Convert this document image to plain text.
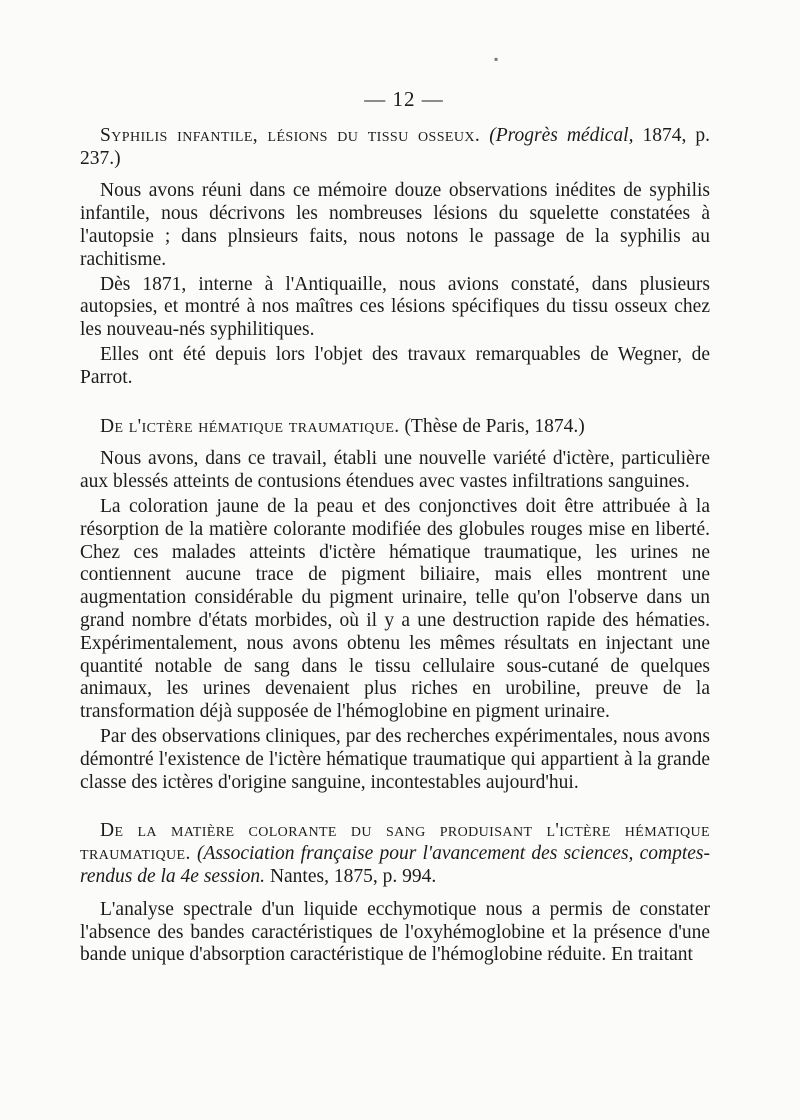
▪
— 12 —

Syphilis infantile, lésions du tissu osseux. (Progrès médical, 1874, p. 237.)

Nous avons réuni dans ce mémoire douze observations inédites de syphilis infantile, nous décrivons les nombreuses lésions du squelette constatées à l'autopsie ; dans plnsieurs faits, nous notons le passage de la syphilis au rachitisme.

Dès 1871, interne à l'Antiquaille, nous avions constaté, dans plusieurs autopsies, et montré à nos maîtres ces lésions spécifiques du tissu osseux chez les nouveau-nés syphilitiques.

Elles ont été depuis lors l'objet des travaux remarquables de Wegner, de Parrot.

De l'ictère hématique traumatique. (Thèse de Paris, 1874.)

Nous avons, dans ce travail, établi une nouvelle variété d'ictère, particulière aux blessés atteints de contusions étendues avec vastes infiltrations sanguines.

La coloration jaune de la peau et des conjonctives doit être attribuée à la résorption de la matière colorante modifiée des globules rouges mise en liberté. Chez ces malades atteints d'ictère hématique traumatique, les urines ne contiennent aucune trace de pigment biliaire, mais elles montrent une augmentation considérable du pigment urinaire, telle qu'on l'observe dans un grand nombre d'états morbides, où il y a une destruction rapide des hématies. Expérimentalement, nous avons obtenu les mêmes résultats en injectant une quantité notable de sang dans le tissu cellulaire sous-cutané de quelques animaux, les urines devenaient plus riches en urobiline, preuve de la transformation déjà supposée de l'hémoglobine en pigment urinaire.

Par des observations cliniques, par des recherches expérimentales, nous avons démontré l'existence de l'ictère hématique traumatique qui appartient à la grande classe des ictères d'origine sanguine, incontestables aujourd'hui.

De la matière colorante du sang produisant l'ictère hématique traumatique. (Association française pour l'avancement des sciences, comptes-rendus de la 4e session. Nantes, 1875, p. 994.

L'analyse spectrale d'un liquide ecchymotique nous a permis de constater l'absence des bandes caractéristiques de l'oxyhémoglobine et la présence d'une bande unique d'absorption caractéristique de l'hémoglobine réduite. En traitant
